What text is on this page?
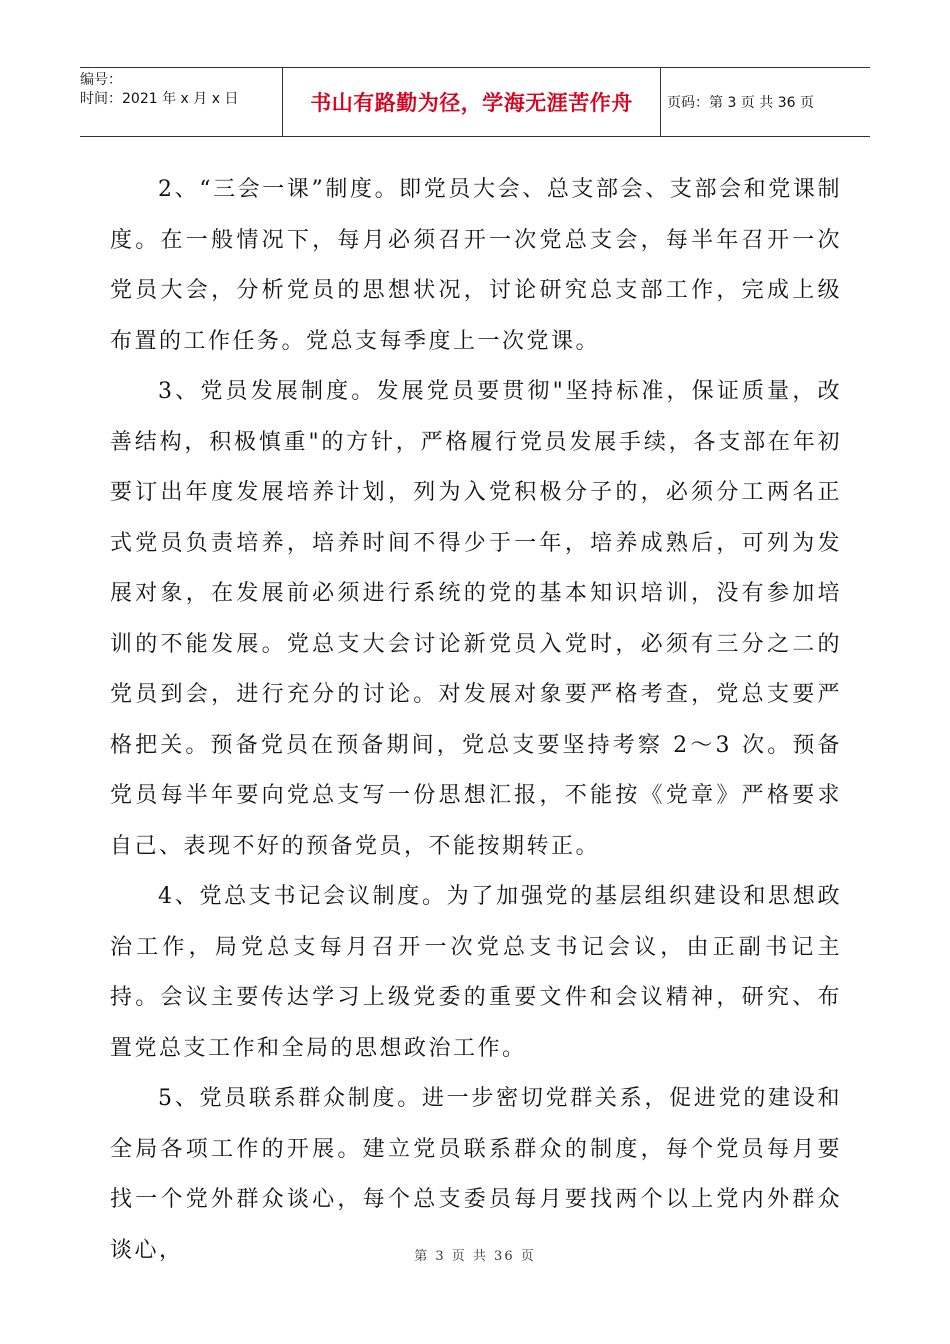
编号：
时间：2021 年 x 月 x 日	书山有路勤为径，学海无涯苦作舟	页码：第 3 页 共 36 页

2、“三会一课”制度。即党员大会、总支部会、支部会和党课制度。在一般情况下，每月必须召开一次党总支会，每半年召开一次党员大会，分析党员的思想状况，讨论研究总支部工作，完成上级布置的工作任务。党总支每季度上一次党课。

3、党员发展制度。发展党员要贯彻"坚持标准，保证质量，改善结构，积极慎重"的方针，严格履行党员发展手续，各支部在年初要订出年度发展培养计划，列为入党积极分子的，必须分工两名正式党员负责培养，培养时间不得少于一年，培养成熟后，可列为发展对象，在发展前必须进行系统的党的基本知识培训，没有参加培训的不能发展。党总支大会讨论新党员入党时，必须有三分之二的党员到会，进行充分的讨论。对发展对象要严格考查，党总支要严格把关。预备党员在预备期间，党总支要坚持考察 2～3 次。预备党员每半年要向党总支写一份思想汇报，不能按《党章》严格要求自己、表现不好的预备党员，不能按期转正。

4、党总支书记会议制度。为了加强党的基层组织建设和思想政治工作，局党总支每月召开一次党总支书记会议，由正副书记主持。会议主要传达学习上级党委的重要文件和会议精神，研究、布置党总支工作和全局的思想政治工作。

5、党员联系群众制度。进一步密切党群关系，促进党的建设和全局各项工作的开展。建立党员联系群众的制度，每个党员每月要找一个党外群众谈心，每个总支委员每月要找两个以上党内外群众谈心，	第 3 页 共 36 页
